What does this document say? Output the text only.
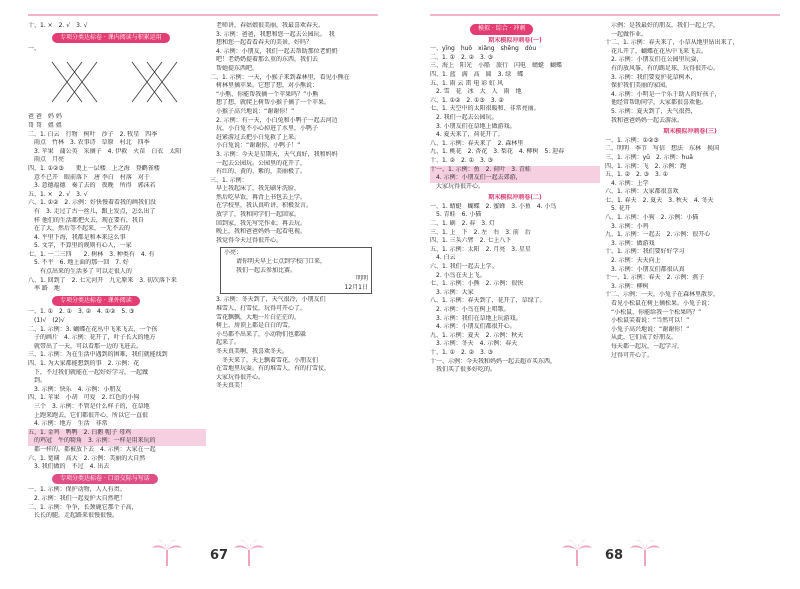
十、1. ×　2. √　3. √

专项分类达标卷 · 课内阅读与积累运用

一、

爸 爸　妈 妈

哥 哥　姐 姐

二、1. 白云　行物　树叶　沙子　2. 牧星　四季

　雨点　竹林　3. 农事诗　草原　村北　四季

　3. 苹果　蒲公英　采摘子　4. 伊救　火苗　白衣　太阳

　雨点　月亮

四、1. ①②③　　更上一层楼　上之海　登鹳雀楼

　意不已开　眼前落下　唐 李白　村落　对于

　3. 意德福德　奏了去的　夜晚　所得　郭沫若

五、1. ×　2. √　3. √

六、1. ①②　2. 示例：好快慢着看我的画我们没

　有　3. 走过了古一丝儿，跟上发点，怎么出了

　样 他们的生活都把火去，现在要有，我自

　在了大，然后等不起来，一无不去的

　4. 平里下海，我都是和本来这么事

　5. 文字，不算里的规则有心人，一家

七、1. 一二三四　　2. 树林　3. 种类有　4. 有

　5. 不平　6. 地上面的那一回　7. 好

　　有点出来的生活多了 可以走很人的

八、1. 回到了　2. 七元河开　九元原来　3. 初次落下来

　率 路　地

专项分类达标卷 · 课外阅读

一、1. ①　2. ①　3. ②　4. ①②　5. ③

　(1)√　(2)√

二、1. 示例：3. 蝴蝶在花丛中飞来飞去，一个孩

　子的画片　4. 示例：花开了，叶子长大的地方

　就带出了一天，可以看那一边的飞进去。

三、1. 示例：为在生活中遇到的困难，我们就能找到

四、1. 为大家都能想到的事　2. 示例：花

　下，不过我们就能在一起好好学习，一起做

　到。

　3. 示例：快乐　4. 示例：小朋友

四、1. 苹果　小胡　可爱　2. 红色的小狗

　三个　3. 示例：不管是什么样子的，在草地

　上跑来跑去，它们都很开心，所以它一直很

　4. 示例：地方　生活　非常

五、1. 金鸡　鸭鸭　2. 白鹅 帽子 母鸡

　的鸡冠　牛的犄角　3. 示例：一样是用来玩的

　都一样的，都被放下去　4. 示例：大家在一起

六、1. 宽阔　高大　2. 示例：美丽的大自然

　3. 我们做的　不过　4. 出去

专项分类达标卷 · 口语交际与写话

一、1. 示例：保护动物，人人有责。

　2. 示例：我们一起爱护大自然吧！

二、1. 示例：争争，长颈鹿它那个子高，

　长长的腿，走起路来很慢很慢。

　老师讲，春姑娘很美丽，我最喜欢春天。

　3. 示例：爸爸，我想和您一起去公园玩。　我

　想和您一起看看春天的美景，好吗？

　4. 示例：小朋友，我们一起去帮助那位老奶奶

　吧！老奶奶提着那么重的东西，我们去

　帮她提东西吧。

二、1. 示例：一天，小猴子来到森林里，看见小熊在

　树林里摘苹果。它想了想，对小熊说：

　“小熊，你能帮我摘一个苹果吗？”小熊

　想了想，就爬上树帮小猴子摘了一个苹果。

　小猴子高兴地说：“谢谢你！”

　2. 示例：有一天，小白兔和小鸭子一起去河边

　玩，小白兔不小心掉进了水里，小鸭子

　赶紧游过去把小白兔救了上来。

　小白兔说：“谢谢你，小鸭子！”

　3. 示例：今天是星期天，天气真好，我和妈妈

　一起去公园玩。公园里的花开了，

　有红的、黄的、紫的，美丽极了。

三、1. 示例：

　早上我起床了，我先刷牙洗脸，

　然后吃早饭，再背上书包去上学。

　在学校里，我认真听讲，积极发言。

　放学了，我和同学们一起回家。

　回到家，我先写完作业，再去玩。

　晚上，我和爸爸妈妈一起看电视。

　我觉得今天过得很开心。

小亮：

　　请你明天早上七点到学校门口来，

　　我们一起去参加比赛。

明明

12月1日

　3. 示例：冬天到了，天气很冷，小朋友们

　堆雪人、打雪仗，玩得可开心了。

　雪花飘飘，大地一片白茫茫的，

　树上、房顶上都是白白的雪，

　小鸟都不出来了，小动物们也都躲

　起来了。

　冬天真美啊，我喜欢冬天。

　　冬天来了，天上飘着雪花，小朋友们

　在雪地里玩耍。有的堆雪人，有的打雪仗，

　大家玩得很开心。

　冬天真美！

67
模拟 · 综合 · 冲刺

期末模拟冲刺卷(一)

一、yīng　huǒ　xiǎng　shēng　dòu　

二、1. ①　2. ②　3. ③

三、海上　阳光　小船　旅行　闪电　蜻蜓　蝴蝶

四、1. 蓝　满　高　圆　3. 绿　蝶

五、1. 雨 云 雷 电 彩 虹 风

　2. 雪　花　冰　大　人　雨　地

六、1. ①②　2. ①③　3. ②

七、1. 天空中的太阳很暖和、非常亮丽。

　2. 我们一起去公园玩。

　3. 小朋友们在草地上做游戏。

　4. 夏天来了，荷花开了。

八、1. 示例：春天来了　2. 森林里

九、1. 桃花　2. 杏花　3. 梨花　4. 柳树　5. 迎春

十、1. ②　2. ①　3. ③

十一、1. 示例：鱼　2. 荷叶　3. 青蛙

　4. 示例：小朋友们一起去郊游，

　大家玩得很开心。

期末模拟冲刺卷(二)

一、1. 蜻蜓　蝴蝶　2. 蜜蜂　3. 小鱼　4. 小鸟

　5. 青蛙　6. 小猫

二、1. 刷　2. 春　3. 灯

三、1. 上　下　2. 左　右　3. 前　后

四、1. 三头六臂　2. 七上八下

五、1. 示例：太阳　2. 月亮　3. 星星

　4. 白云

六、1. 我们一起去上学。

　2. 小鸟在天上飞。

七、1. 示例：小熊　2. 示例：很快

　3. 示例：大家

八、1. 示例：春天到了，花开了，草绿了。

　2. 示例：小鸟在树上唱歌。

　3. 示例：我们在草地上玩游戏。

　4. 示例：小朋友们都很开心。

九、1. 示例：夏天　2. 示例：秋天

　3. 示例：冬天　4. 示例：春天

十、1. ①　2. ②　3. ③

十一、示例：今天我和妈妈一起去超市买东西，

　我们买了很多好吃的。

　示例：是我最好的朋友，我们一起上学，

　一起做作业。

十二、1. 示例：春天来了，小草从地里钻出来了，

　花儿开了，蝴蝶在花丛中飞来飞去。

　2. 示例：小朋友们在公园里玩耍，

　有的放风筝，有的踢足球，玩得很开心。

　3. 示例：我们要爱护花草树木，

　保护我们美丽的家园。

　4. 示例：小明是一个乐于助人的好孩子，

　他经常帮助同学，大家都很喜欢他。

　5. 示例：夏天到了，天气很热，

　我和爸爸妈妈一起去游泳。

期末模拟冲刺卷(三)

一、1. 示例：①②③

二、明明　季节　写信　想法　东林　换国

三、1. 示例：yǔ　2. 示例：huā

四、1. 示例：飞　2. 示例：跑

五、1. ②　2. ③　3. ①

　4. 示例：上学

六、1. 示例：大家都很喜欢

七、1. 春天　2. 夏天　3. 秋天　4. 冬天

　5. 花开

八、1. 示例：小狗　2. 示例：小猫

　3. 示例：小鸡

九、1. 示例：一起去　2. 示例：很开心

　3. 示例：做游戏

十、1. 示例：我们要好好学习

　2. 示例：天天向上

　3. 示例：小朋友们都很认真

十一、1. 示例：春天　2. 示例：燕子

　3. 示例：柳树

十二、示例：一天，小兔子在森林里散步，

　看见小松鼠在树上摘松果。小兔子说：

　“小松鼠，你能给我一个松果吗？”

　小松鼠笑着说：“当然可以！”

　小兔子高兴地说：“谢谢你！”

　从此，它们成了好朋友。

　每天都一起玩，一起学习，

　过得可开心了。

68
